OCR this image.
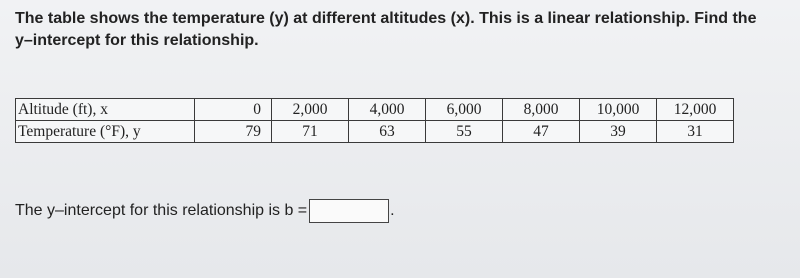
The table shows the temperature (y) at different altitudes (x). This is a linear relationship. Find the
y–intercept for this relationship.
Altitude (ft), x	0	2,000	4,000	6,000	8,000	10,000	12,000
Temperature (°F), y	79	71	63	55	47	39	31
The y–intercept for this relationship is b =	.
